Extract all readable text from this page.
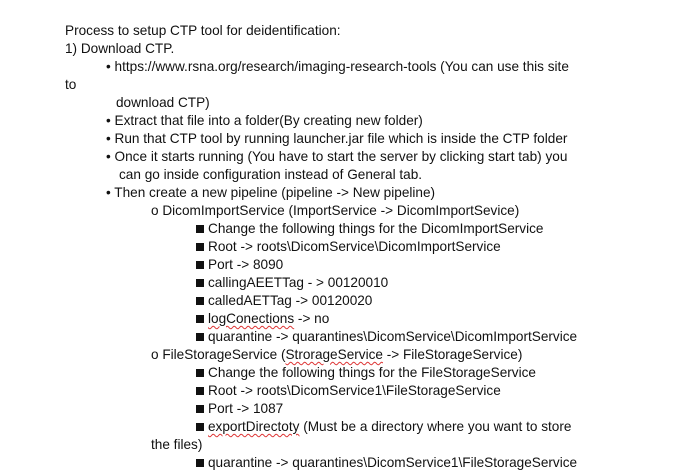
Process to setup CTP tool for deidentification:
1) Download CTP.
• https://www.rsna.org/research/imaging-research-tools (You can use this site
to
download CTP)
• Extract that file into a folder(By creating new folder)
• Run that CTP tool by running launcher.jar file which is inside the CTP folder
• Once it starts running (You have to start the server by clicking start tab) you
can go inside configuration instead of General tab.
• Then create a new pipeline (pipeline -> New pipeline)
o DicomImportService (ImportService -> DicomImportSevice)
Change the following things for the DicomImportService
Root -> roots\DicomService\DicomImportService
Port -> 8090
callingAEETTag - > 00120010
calledAETTag -> 00120020
logConections -> no
quarantine -> quarantines\DicomService\DicomImportService
o FileStorageService (StrorageService -> FileStorageService)
Change the following things for the FileStorageService
Root -> roots\DicomService1\FileStorageService
Port -> 1087
exportDirectoty (Must be a directory where you want to store
the files)
quarantine -> quarantines\DicomService1\FileStorageService
